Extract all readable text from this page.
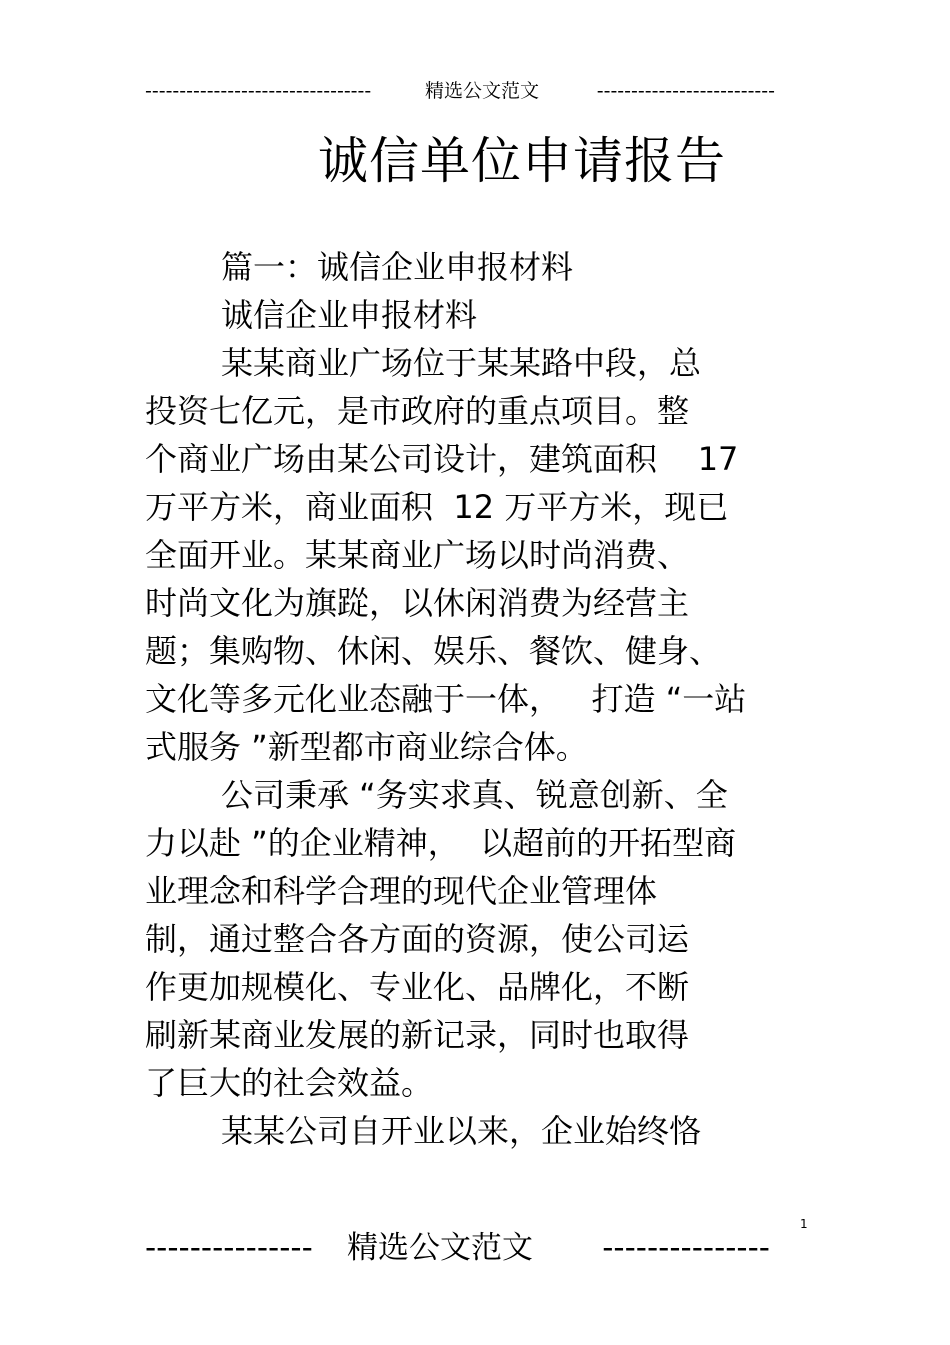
---------------------------------	精选公文范文	--------------------------
诚信单位申请报告
篇一：诚信企业申报材料
诚信企业申报材料
某某商业广场位于某某路中段，总
投资七亿元，是市政府的重点项目。整
个商业广场由某公司设计，建筑面积    17
万平方米，商业面积  12 万平方米，现已
全面开业。某某商业广场以时尚消费、
时尚文化为旗踨，以休闲消费为经营主
题；集购物、休闲、娱乐、餐饮、健身、
文化等多元化业态融于一体，   打造 “一站
式服务 ”新型都市商业综合体。
公司秉承 “务实求真、锐意创新、全
力以赴 ”的企业精神，  以超前的开拓型商
业理念和科学合理的现代企业管理体
制，通过整合各方面的资源，使公司运
作更加规模化、专业化、品牌化，不断
刷新某商业发展的新记录，同时也取得
了巨大的社会效益。
某某公司自开业以来，企业始终恪
1
---------------	精选公文范文	---------------
